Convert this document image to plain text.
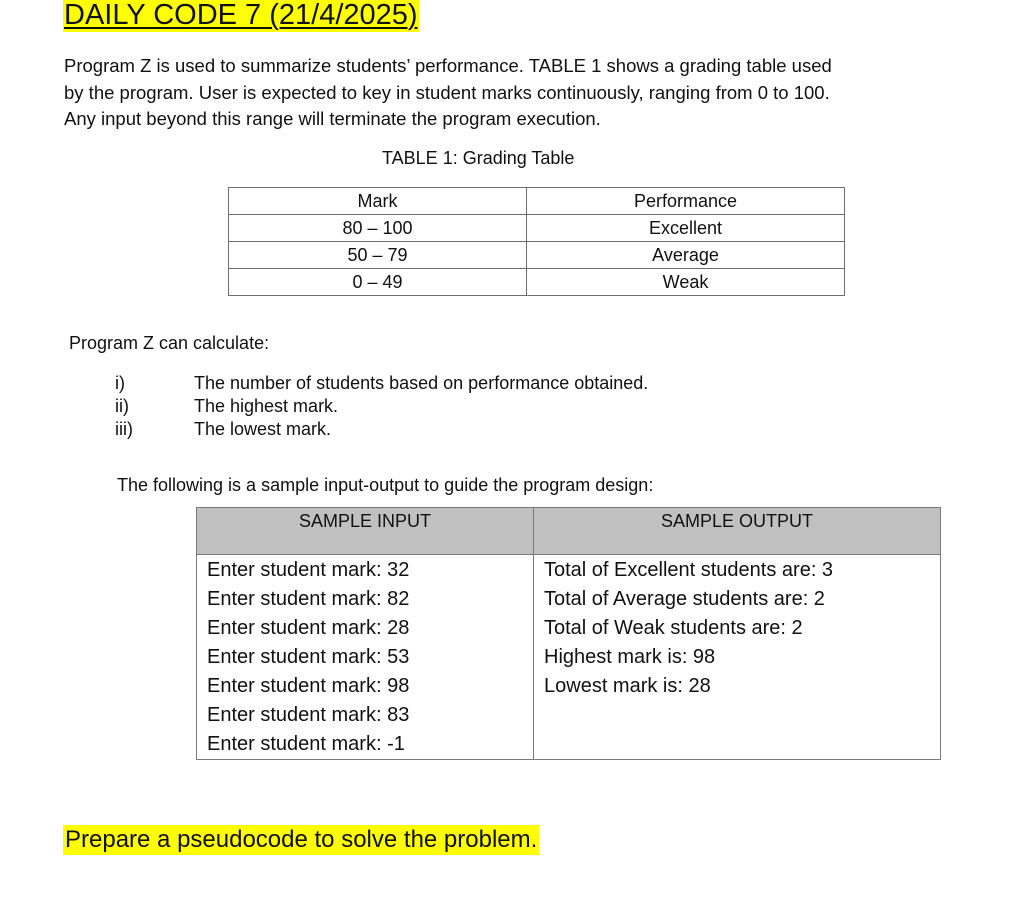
DAILY CODE 7 (21/4/2025)
Program Z is used to summarize students’ performance. TABLE 1 shows a grading table used
by the program. User is expected to key in student marks continuously, ranging from 0 to 100.
Any input beyond this range will terminate the program execution.
TABLE 1: Grading Table
Mark	Performance
80 – 100	Excellent
50 – 79	Average
0 – 49	Weak
Program Z can calculate:
i)	The number of students based on performance obtained.
ii)	The highest mark.
iii)	The lowest mark.
The following is a sample input-output to guide the program design:
SAMPLE INPUT	SAMPLE OUTPUT

Enter student mark: 32
Enter student mark: 82
Enter student mark: 28
Enter student mark: 53
Enter student mark: 98
Enter student mark: 83
Enter student mark: -1

Total of Excellent students are: 3
Total of Average students are: 2
Total of Weak students are: 2
Highest mark is: 98
Lowest mark is: 28
Prepare a pseudocode to solve the problem.
